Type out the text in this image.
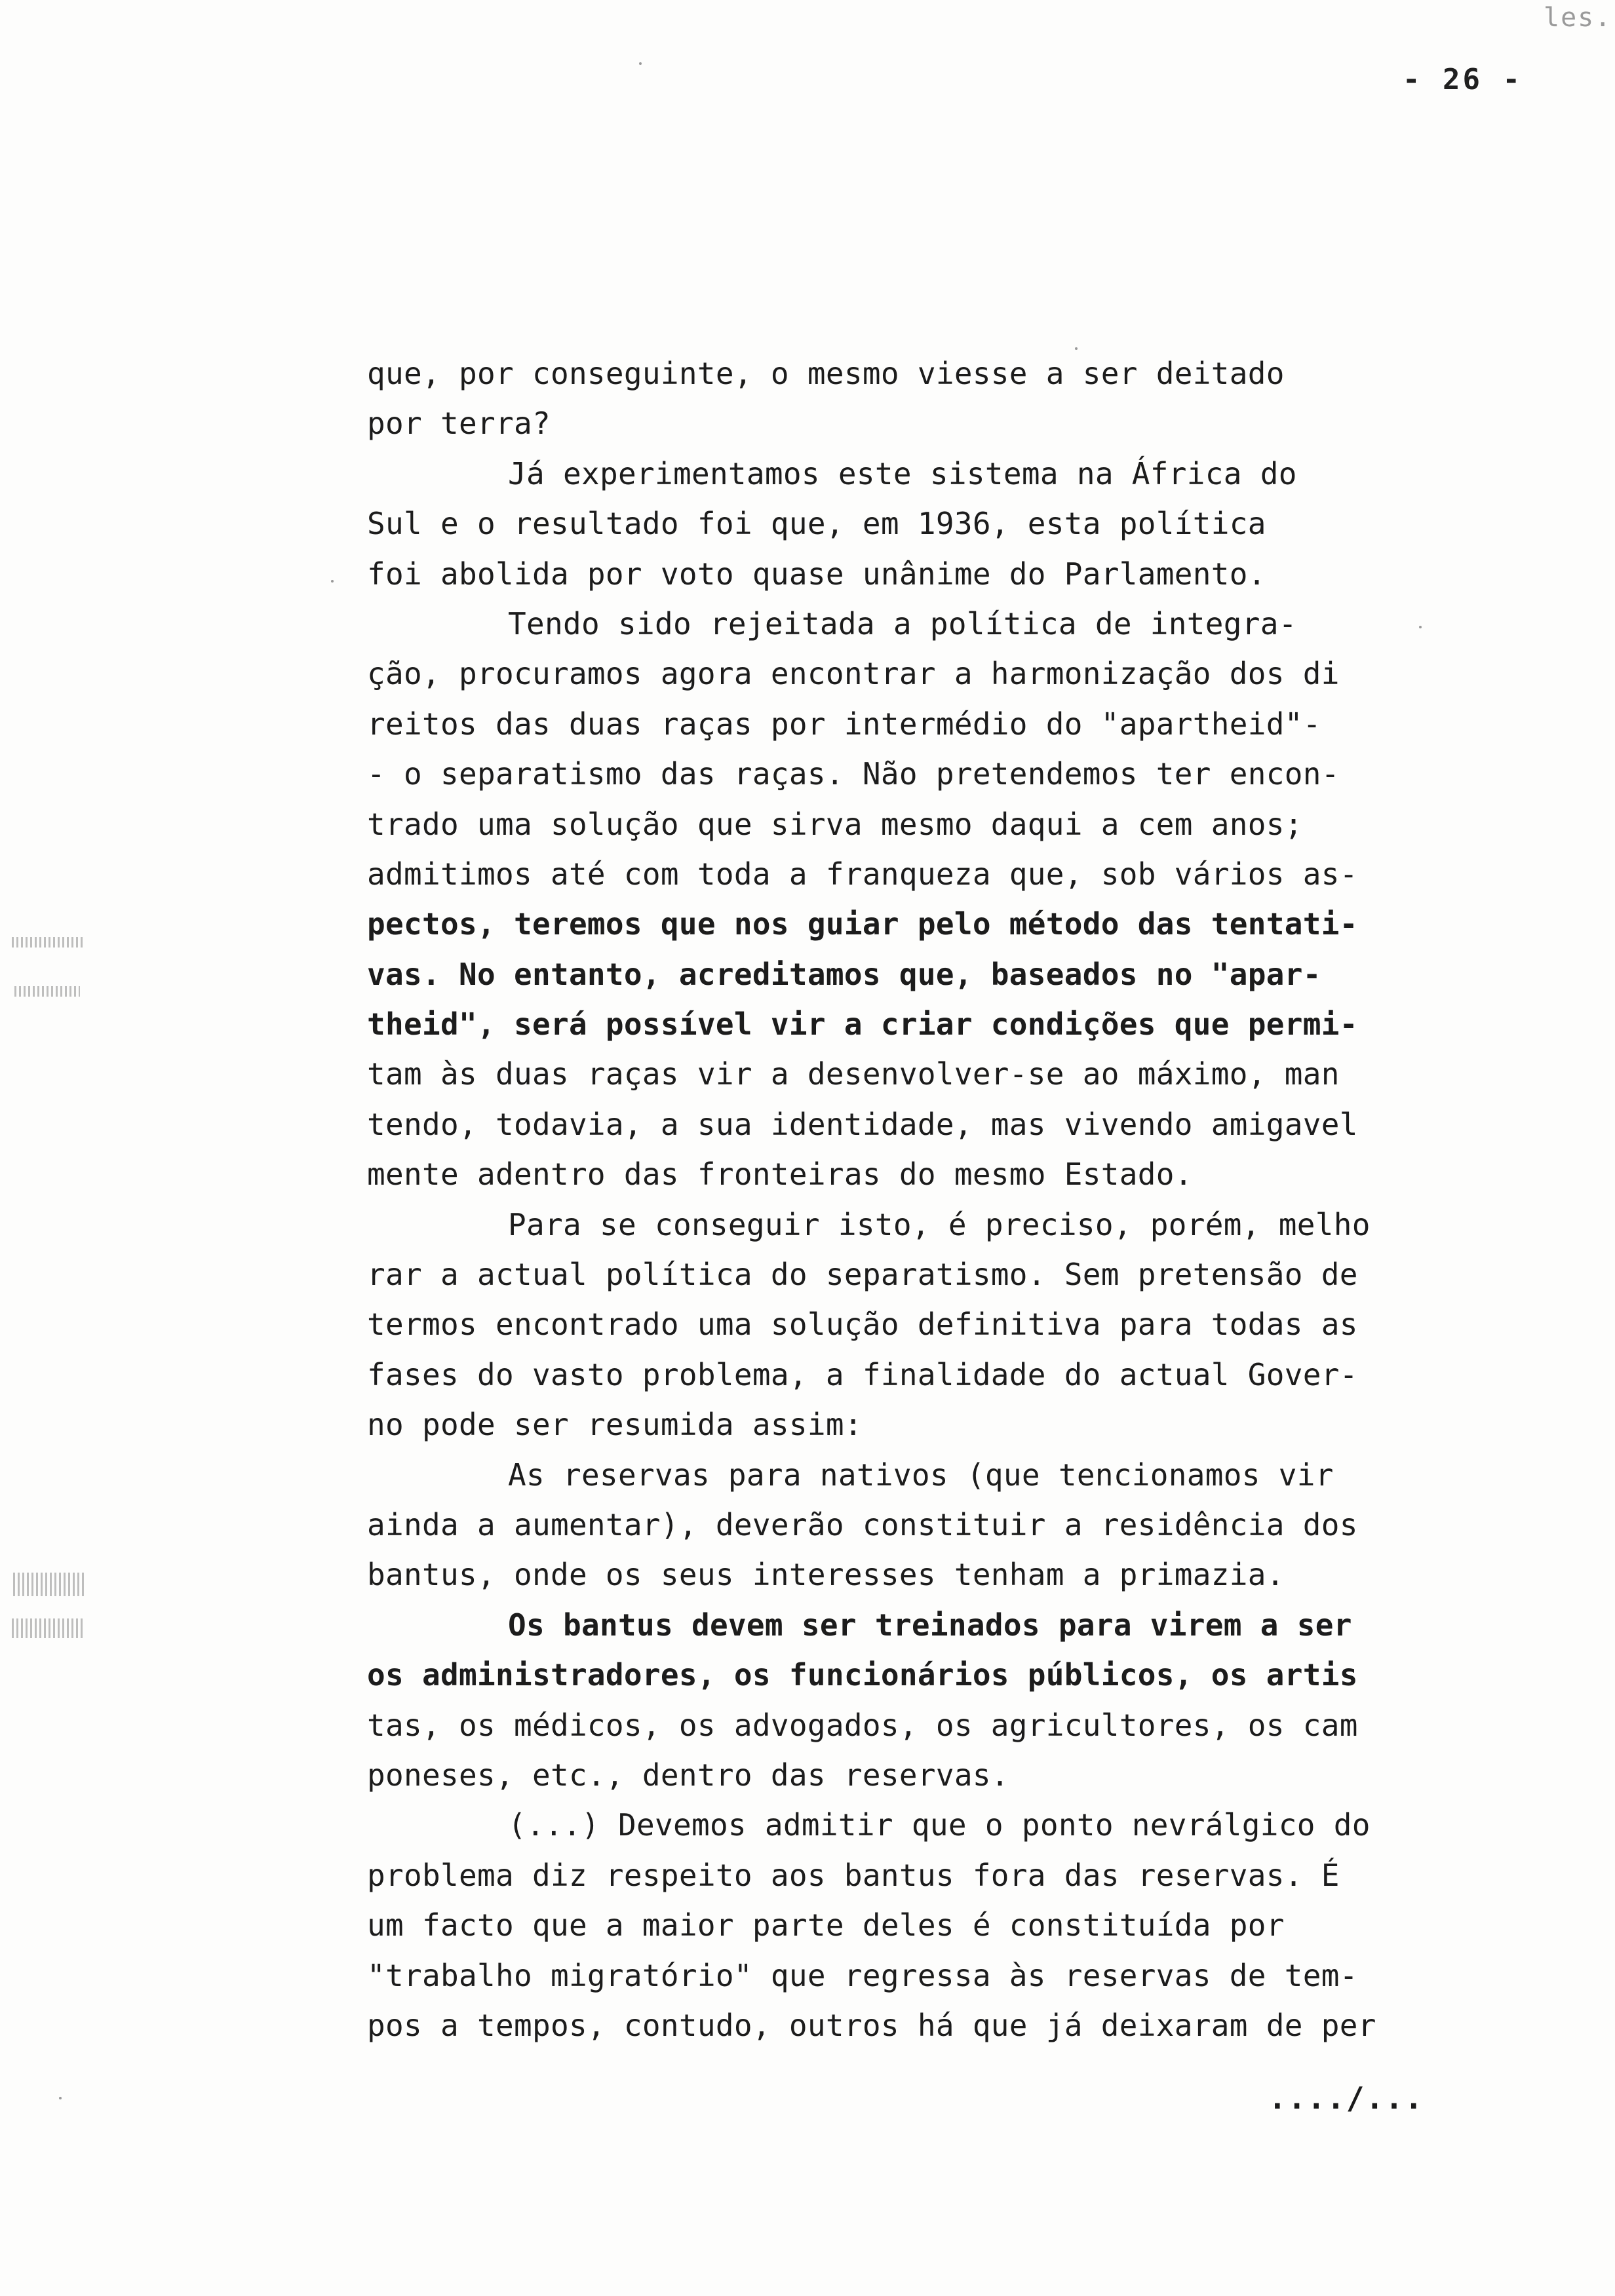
les.
- 26 -
que, por conseguinte, o mesmo viesse a ser deitado
por terra?
Já experimentamos este sistema na África do
Sul e o resultado foi que, em 1936, esta política
foi abolida por voto quase unânime do Parlamento.
Tendo sido rejeitada a política de integra-
ção, procuramos agora encontrar a harmonização dos di
reitos das duas raças por intermédio do "apartheid"-
- o separatismo das raças. Não pretendemos ter encon-
trado uma solução que sirva mesmo daqui a cem anos;
admitimos até com toda a franqueza que, sob vários as-
pectos, teremos que nos guiar pelo método das tentati-
vas. No entanto, acreditamos que, baseados no "apar-
theid", será possível vir a criar condições que permi-
tam às duas raças vir a desenvolver-se ao máximo, man
tendo, todavia, a sua identidade, mas vivendo amigavel
mente adentro das fronteiras do mesmo Estado.
Para se conseguir isto, é preciso, porém, melho
rar a actual política do separatismo. Sem pretensão de
termos encontrado uma solução definitiva para todas as
fases do vasto problema, a finalidade do actual Gover-
no pode ser resumida assim:
As reservas para nativos (que tencionamos vir
ainda a aumentar), deverão constituir a residência dos
bantus, onde os seus interesses tenham a primazia.
Os bantus devem ser treinados para virem a ser
os administradores, os funcionários públicos, os artis
tas, os médicos, os advogados, os agricultores, os cam
poneses, etc., dentro das reservas.
(...) Devemos admitir que o ponto nevrálgico do
problema diz respeito aos bantus fora das reservas. É
um facto que a maior parte deles é constituída por
"trabalho migratório" que regressa às reservas de tem-
pos a tempos, contudo, outros há que já deixaram de per
..../...
